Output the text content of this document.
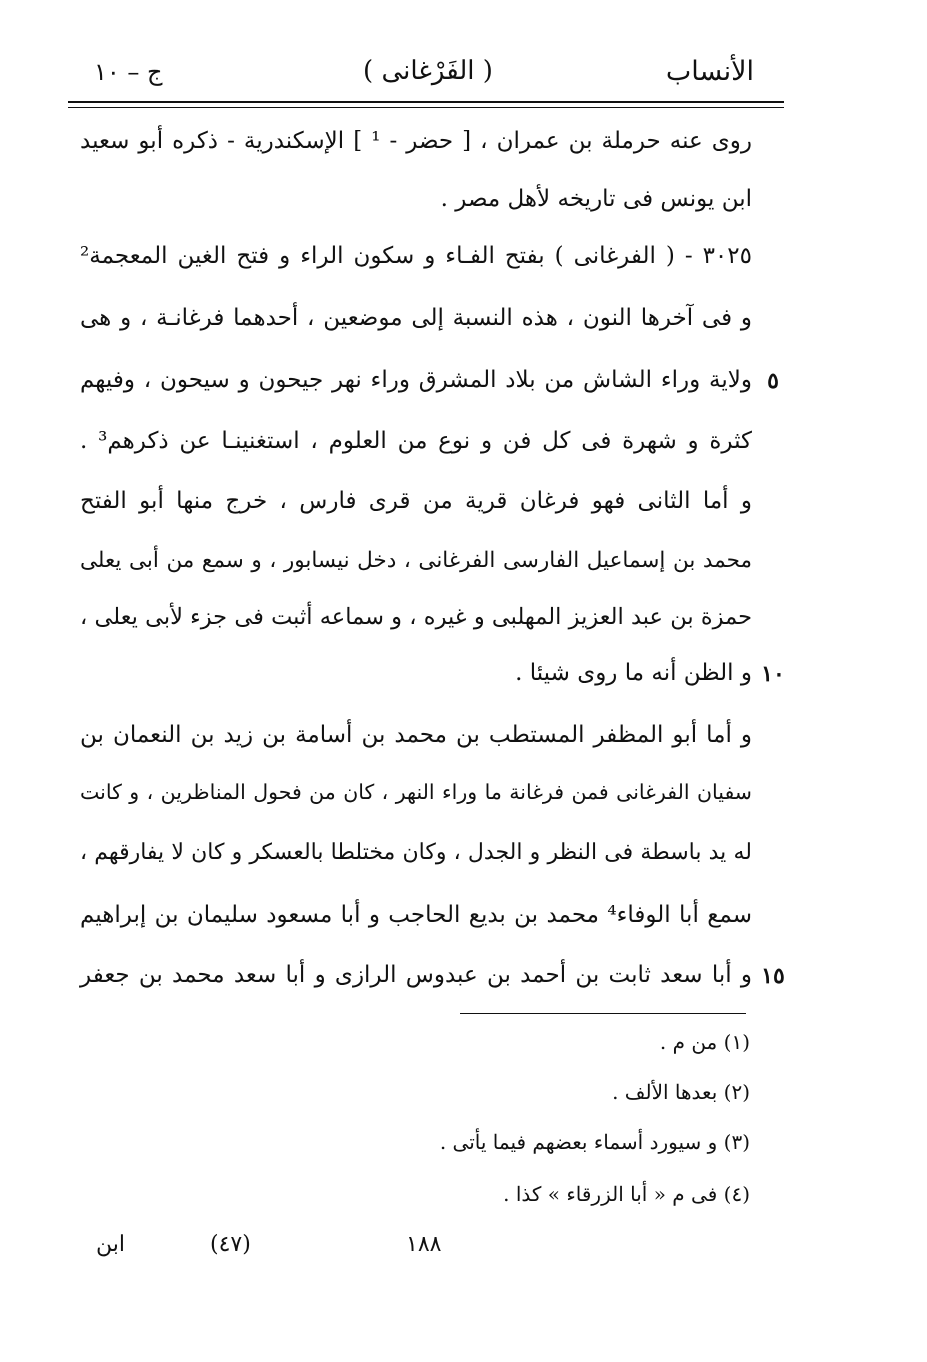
الأنساب
( الفَرْغانى )
ج – ١٠
روى عنه حرملة بن عمران ، [ حضر - ¹ ] الإسكندرية - ذكره أبو سعيد
ابن يونس فى تاريخه لأهل مصر .
٣٠٢٥ - ( الفرغانى ) بفتح الفـاء و سكون الراء و فتح الغين المعجمة²
و فى آخرها النون ، هذه النسبة إلى موضعين ، أحدهما فرغانـة ، و هى
ولاية وراء الشاش من بلاد المشرق وراء نهر جيحون و سيحون ، وفيهم
كثرة و شهرة فى كل فن و نوع من العلوم ، استغنينـا عن ذكرهم³ .
و أما الثانى فهو فرغان قرية من قرى فارس ، خرج منها أبو الفتح
محمد بن إسماعيل الفارسى الفرغانى ، دخل نيسابور ، و سمع من أبى يعلى
حمزة بن عبد العزيز المهلبى و غيره ، و سماعه أثبت فى جزء لأبى يعلى ،
و الظن أنه ما روى شيئا .
و أما أبو المظفر المستطب بن محمد بن أسامة بن زيد بن النعمان بن
سفيان الفرغانى فمن فرغانة ما وراء النهر ، كان من فحول المناظرين ، و كانت
له يد باسطة فى النظر و الجدل ، وكان مختلطا بالعسكر و كان لا يفارقهم ،
سمع أبا الوفاء⁴ محمد بن بديع الحاجب و أبا مسعود سليمان بن إبراهيم
و أبا سعد ثابت بن أحمد بن عبدوس الرازى و أبا سعد محمد بن جعفر
٥
١٠
١٥
(١) من م .
(٢) بعدها الألف .
(٣) و سيورد أسماء بعضهم فيما يأتى .
(٤) فى م « أبا الزرقاء » كذا .
١٨٨
(٤٧)
ابن
